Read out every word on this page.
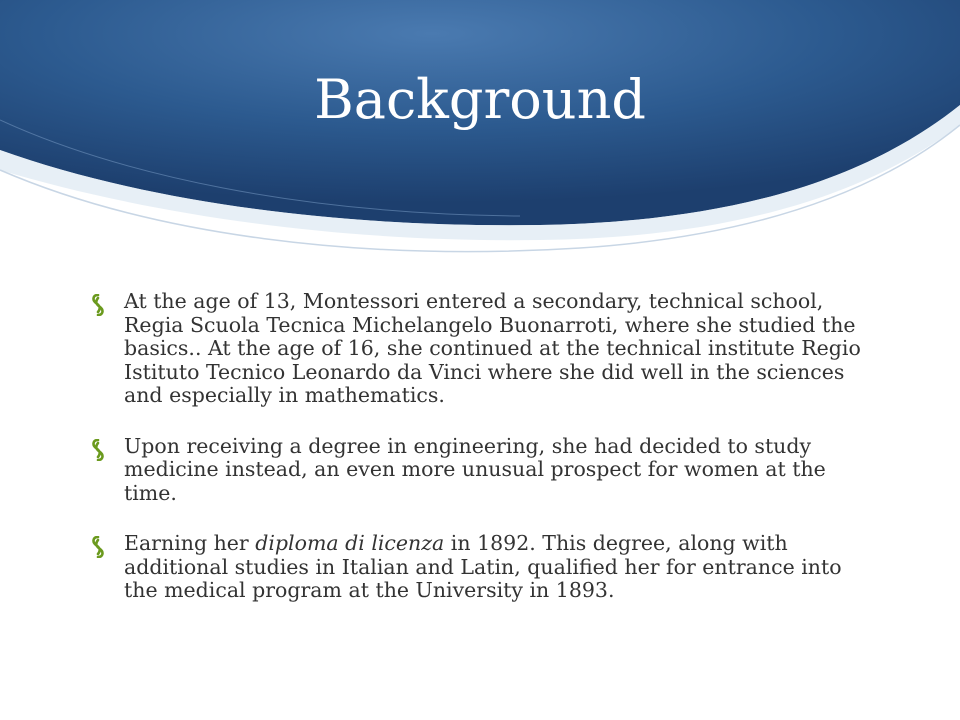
Background
At the age of 13, Montessori entered a secondary, technical school, Regia Scuola Tecnica Michelangelo Buonarroti, where she studied the basics.. At the age of 16, she continued at the technical institute Regio Istituto Tecnico Leonardo da Vinci where she did well in the sciences and especially in mathematics.
Upon receiving a degree in engineering, she had decided to study medicine instead, an even more unusual prospect for women at the time.
Earning her diploma di licenza in 1892. This degree, along with additional studies in Italian and Latin, qualified her for entrance into the medical program at the University in 1893.
